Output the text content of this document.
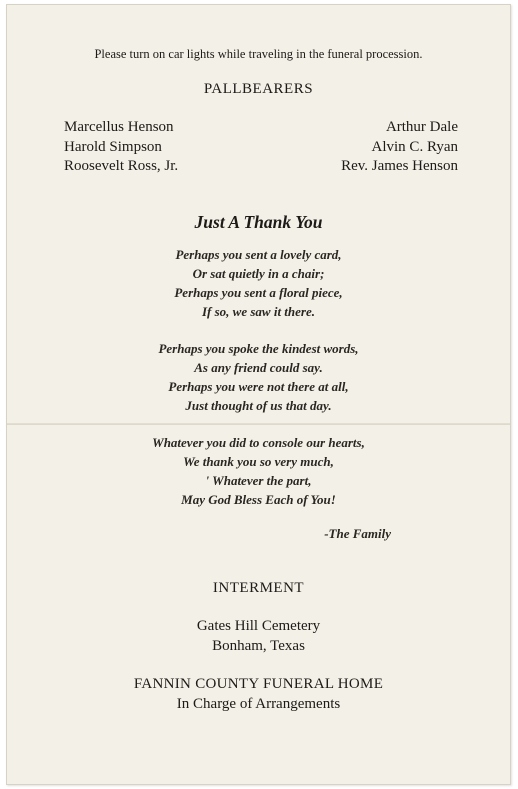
Please turn on car lights while traveling in the funeral procession.
PALLBEARERS
Marcellus Henson
Harold Simpson
Roosevelt Ross, Jr.
Arthur Dale
Alvin C. Ryan
Rev. James Henson
Just A Thank You
Perhaps you sent a lovely card,
Or sat quietly in a chair;
Perhaps you sent a floral piece,
If so, we saw it there.
Perhaps you spoke the kindest words,
As any friend could say.
Perhaps you were not there at all,
Just thought of us that day.
Whatever you did to console our hearts,
We thank you so very much,
' Whatever the part,
May God Bless Each of You!
-The Family
INTERMENT
Gates Hill Cemetery
Bonham, Texas
FANNIN COUNTY FUNERAL HOME
In Charge of Arrangements
